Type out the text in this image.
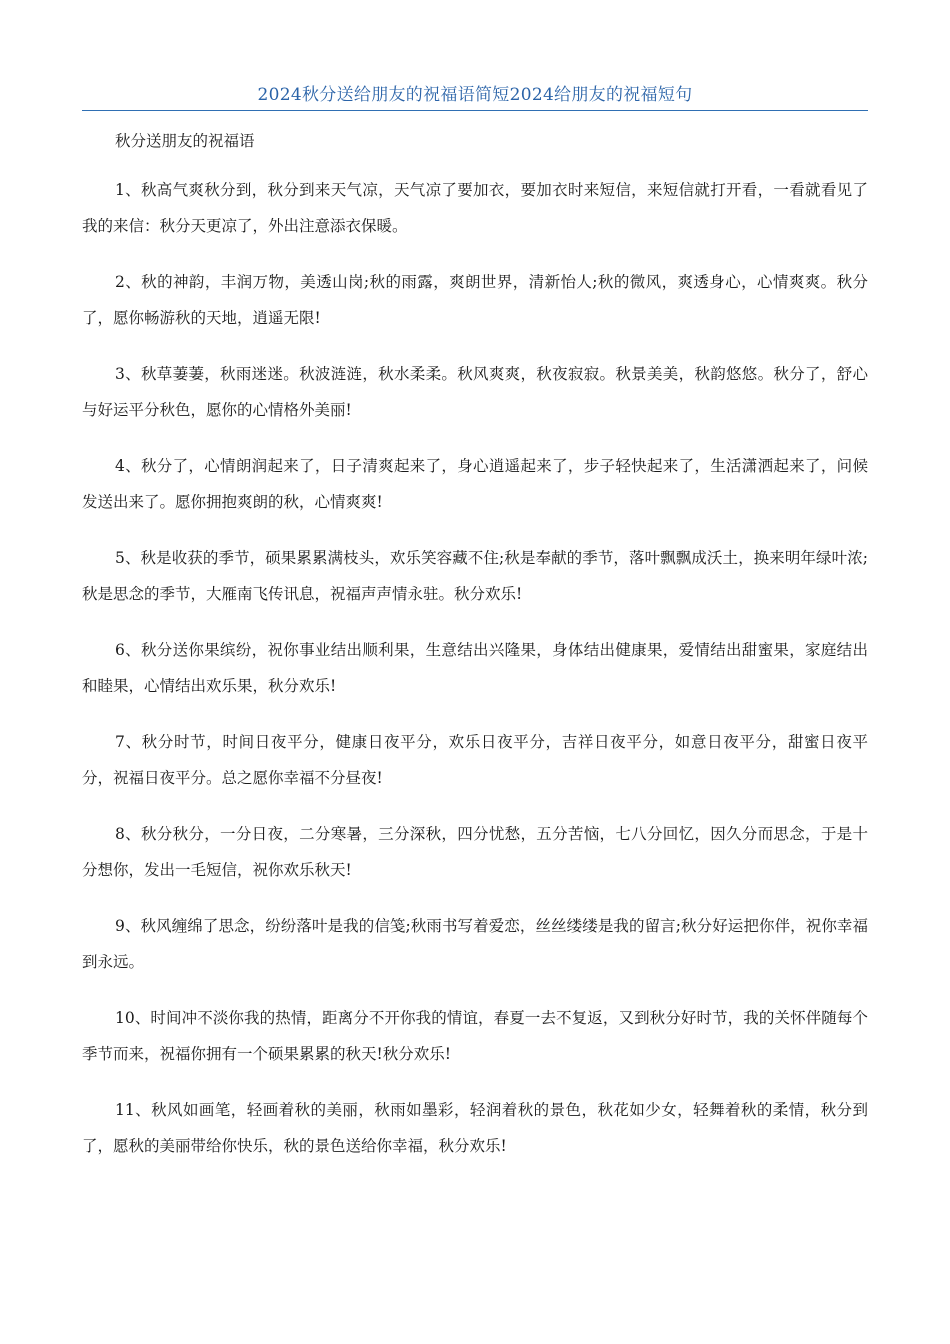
2024秋分送给朋友的祝福语简短2024给朋友的祝福短句

秋分送朋友的祝福语

1、秋高气爽秋分到，秋分到来天气凉，天气凉了要加衣，要加衣时来短信，来短信就打开看，一看就看见了我的来信：秋分天更凉了，外出注意添衣保暖。

2、秋的神韵，丰润万物，美透山岗;秋的雨露，爽朗世界，清新怡人;秋的微风，爽透身心，心情爽爽。秋分了，愿你畅游秋的天地，逍遥无限!

3、秋草萋萋，秋雨迷迷。秋波涟涟，秋水柔柔。秋风爽爽，秋夜寂寂。秋景美美，秋韵悠悠。秋分了，舒心与好运平分秋色，愿你的心情格外美丽!

4、秋分了，心情朗润起来了，日子清爽起来了，身心逍遥起来了，步子轻快起来了，生活潇洒起来了，问候发送出来了。愿你拥抱爽朗的秋，心情爽爽!

5、秋是收获的季节，硕果累累满枝头，欢乐笑容藏不住;秋是奉献的季节，落叶飘飘成沃土，换来明年绿叶浓;秋是思念的季节，大雁南飞传讯息，祝福声声情永驻。秋分欢乐!

6、秋分送你果缤纷，祝你事业结出顺利果，生意结出兴隆果，身体结出健康果，爱情结出甜蜜果，家庭结出和睦果，心情结出欢乐果，秋分欢乐!

7、秋分时节，时间日夜平分，健康日夜平分，欢乐日夜平分，吉祥日夜平分，如意日夜平分，甜蜜日夜平分，祝福日夜平分。总之愿你幸福不分昼夜!

8、秋分秋分，一分日夜，二分寒暑，三分深秋，四分忧愁，五分苦恼，七八分回忆，因久分而思念，于是十分想你，发出一毛短信，祝你欢乐秋天!

9、秋风缠绵了思念，纷纷落叶是我的信笺;秋雨书写着爱恋，丝丝缕缕是我的留言;秋分好运把你伴，祝你幸福到永远。

10、时间冲不淡你我的热情，距离分不开你我的情谊，春夏一去不复返，又到秋分好时节，我的关怀伴随每个季节而来，祝福你拥有一个硕果累累的秋天!秋分欢乐!

11、秋风如画笔，轻画着秋的美丽，秋雨如墨彩，轻润着秋的景色，秋花如少女，轻舞着秋的柔情，秋分到了，愿秋的美丽带给你快乐，秋的景色送给你幸福，秋分欢乐!
